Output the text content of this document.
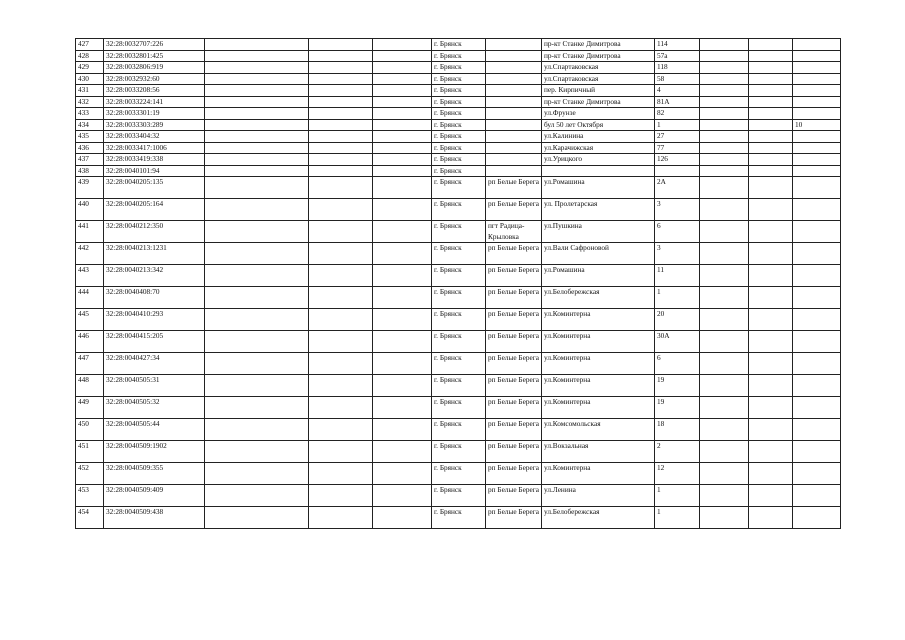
427	32:28:0032707:226				г. Брянск		пр-кт Станке Димитрова	114			
428	32:28:0032801:425				г. Брянск		пр-кт Станке Димитрова	57а			
429	32:28:0032806:919				г. Брянск		ул.Спартаковская	118			
430	32:28:0032932:60				г. Брянск		ул.Спартаковская	58			
431	32:28:0033208:56				г. Брянск		пер. Кирпичный	4			
432	32:28:0033224:141				г. Брянск		пр-кт Станке Димитрова	81А			
433	32:28:0033301:19				г. Брянск		ул.Фрунзе	82			
434	32:28:0033303:289				г. Брянск		бул 50 лет Октября	1			10
435	32:28:0033404:32				г. Брянск		ул.Калинина	27			
436	32:28:0033417:1006				г. Брянск		ул.Карачижская	77			
437	32:28:0033419:338				г. Брянск		ул.Урицкого	126			
438	32:28:0040101:94				г. Брянск						
439	32:28:0040205:135				г. Брянск	рп Белые Берега	ул.Ромашина	2А			
440	32:28:0040205:164				г. Брянск	рп Белые Берега	ул. Пролетарская	3			
441	32:28:0040212:350				г. Брянск	пгт Радица-Крыловка	ул.Пушкина	6			
442	32:28:0040213:1231				г. Брянск	рп Белые Берега	ул.Вали Сафроновой	3			
443	32:28:0040213:342				г. Брянск	рп Белые Берега	ул.Ромашина	11			
444	32:28:0040408:70				г. Брянск	рп Белые Берега	ул.Белобережская	1			
445	32:28:0040410:293				г. Брянск	рп Белые Берега	ул.Коминтерна	20			
446	32:28:0040415:205				г. Брянск	рп Белые Берега	ул.Коминтерна	30А			
447	32:28:0040427:34				г. Брянск	рп Белые Берега	ул.Коминтерна	6			
448	32:28:0040505:31				г. Брянск	рп Белые Берега	ул.Коминтерна	19			
449	32:28:0040505:32				г. Брянск	рп Белые Берега	ул.Коминтерна	19			
450	32:28:0040505:44				г. Брянск	рп Белые Берега	ул.Комсомольская	18			
451	32:28:0040509:1902				г. Брянск	рп Белые Берега	ул.Вокзальная	2			
452	32:28:0040509:355				г. Брянск	рп Белые Берега	ул.Коминтерна	12			
453	32:28:0040509:409				г. Брянск	рп Белые Берега	ул.Ленина	1			
454	32:28:0040509:438				г. Брянск	рп Белые Берега	ул.Белобережская	1			
